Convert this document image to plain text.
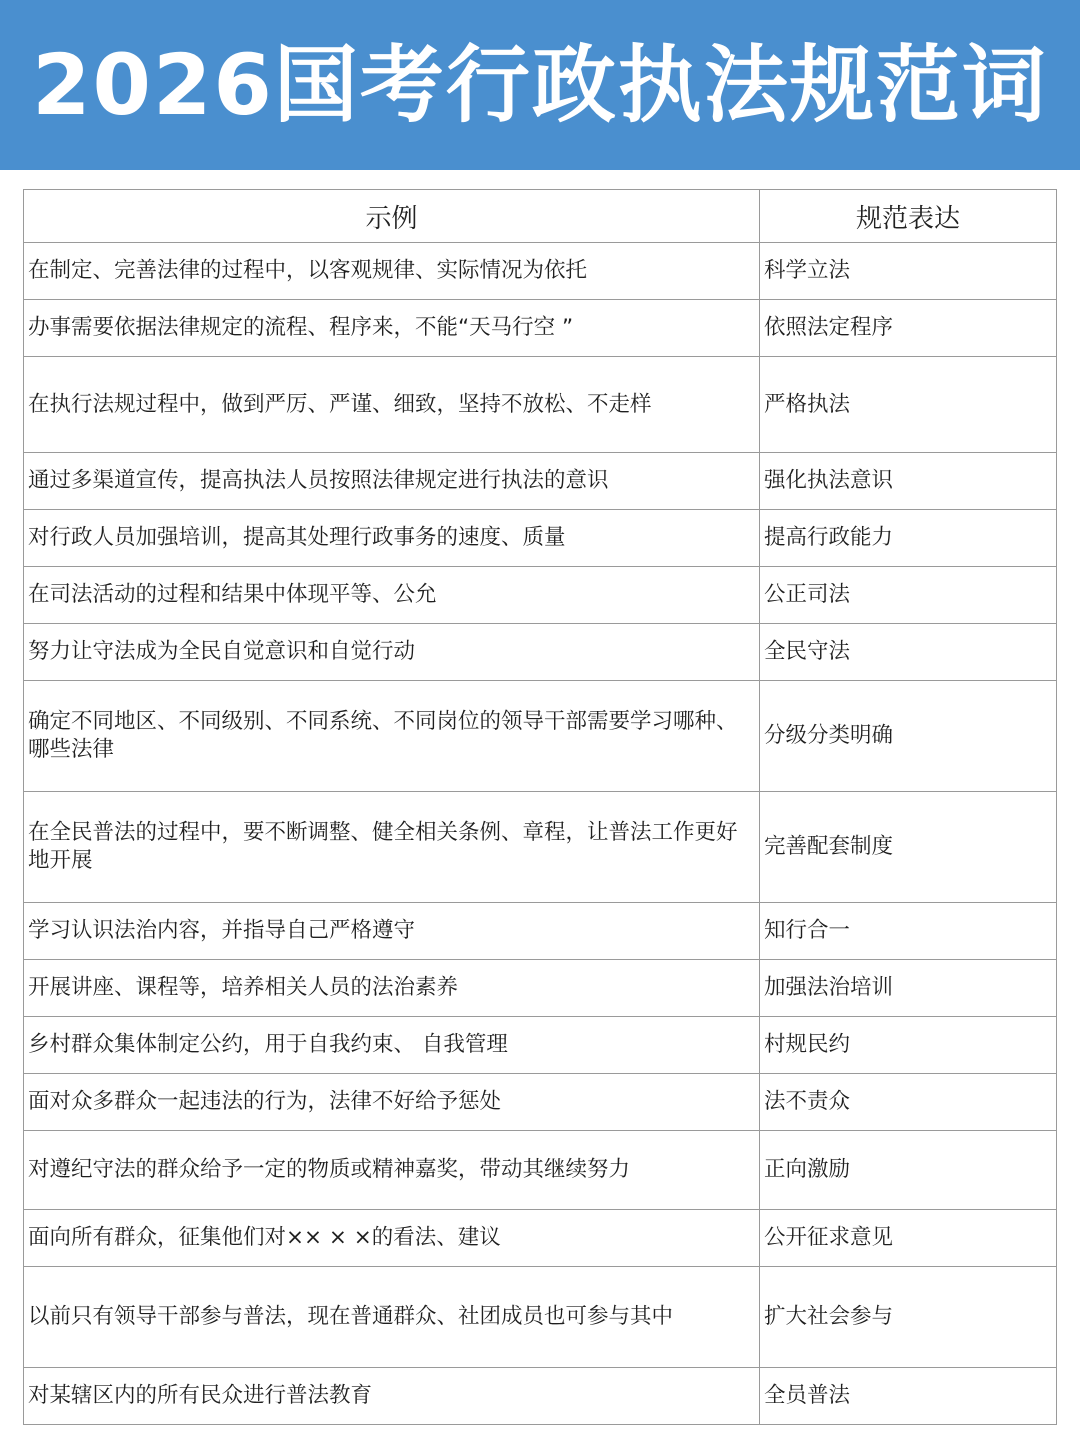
2026国考行政执法规范词
示例	规范表达
在制定、完善法律的过程中，以客观规律、实际情况为依托	科学立法
办事需要依据法律规定的流程、程序来，不能“天马行空 ”	依照法定程序
在执行法规过程中，做到严厉、严谨、细致，坚持不放松、不走样	严格执法
通过多渠道宣传，提高执法人员按照法律规定进行执法的意识	强化执法意识
对行政人员加强培训，提高其处理行政事务的速度、质量	提高行政能力
在司法活动的过程和结果中体现平等、公允	公正司法
努力让守法成为全民自觉意识和自觉行动	全民守法
确定不同地区、不同级别、不同系统、不同岗位的领导干部需要学习哪种、哪些法律	分级分类明确
在全民普法的过程中，要不断调整、健全相关条例、章程，让普法工作更好地开展	完善配套制度
学习认识法治内容，并指导自己严格遵守	知行合一
开展讲座、课程等，培养相关人员的法治素养	加强法治培训
乡村群众集体制定公约，用于自我约束、 自我管理	村规民约
面对众多群众一起违法的行为，法律不好给予惩处	法不责众
对遵纪守法的群众给予一定的物质或精神嘉奖，带动其继续努力	正向激励
面向所有群众，征集他们对×× × ×的看法、建议	公开征求意见
以前只有领导干部参与普法，现在普通群众、社团成员也可参与其中	扩大社会参与
对某辖区内的所有民众进行普法教育	全员普法
